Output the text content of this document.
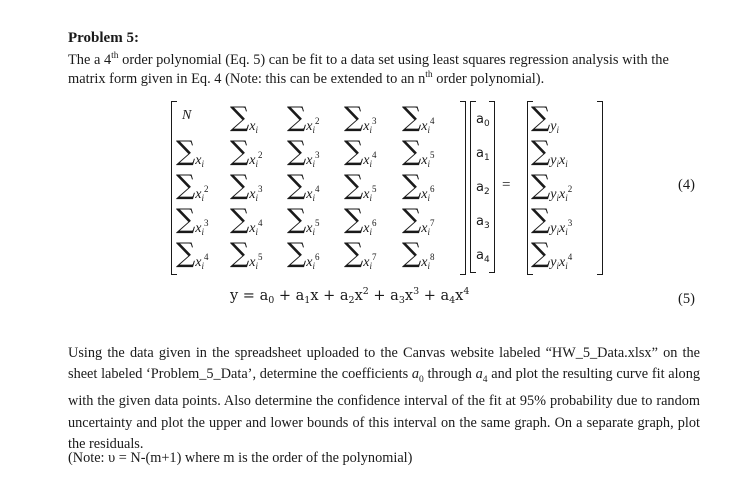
Problem 5:
The a 4th order polynomial (Eq. 5) can be fit to a data set using least squares regression analysis with the matrix form given in Eq. 4 (Note: this can be extended to an $n^{th}$ order polynomial).
N $\sum x_i$ $\sum x_i^2$ $\sum x_i^3$ $\sum x_i^4$	$a_0$ $\sum y_i$
$\sum x_i$ $\sum x_i^2$ $\sum x_i^3$ $\sum x_i^4$ $\sum x_i^5$	$a_1$ $\sum y_ix_i$
$\sum x_i^2$ $\sum x_i^3$ $\sum x_i^4$ $\sum x_i^5$ $\sum x_i^6$	$a_2$ $\sum y_ix_i^2$
$\sum x_i^3$ $\sum x_i^4$ $\sum x_i^5$ $\sum x_i^6$ $\sum x_i^7$	$a_3$ $\sum y_ix_i^3$
$\sum x_i^4$ $\sum x_i^5$ $\sum x_i^6$ $\sum x_i^7$ $\sum x_i^8$	$a_4$ $\sum y_ix_i^4$
=	(4)
$y = a_0 + a_1x + a_2x^2 + a_3x^3 + a_4x^4$	(5)
Using the data given in the spreadsheet uploaded to the Canvas website labeled “HW_5_Data.xlsx” on the sheet labeled ‘Problem_5_Data’, determine the coefficients $a_0$ through $a_4$ and plot the resulting curve fit along with the given data points. Also determine the confidence interval of the fit at 95% probability due to random uncertainty and plot the upper and lower bounds of this interval on the same graph. On a separate graph, plot the residuals.
(Note: υ = N-(m+1) where m is the order of the polynomial)
